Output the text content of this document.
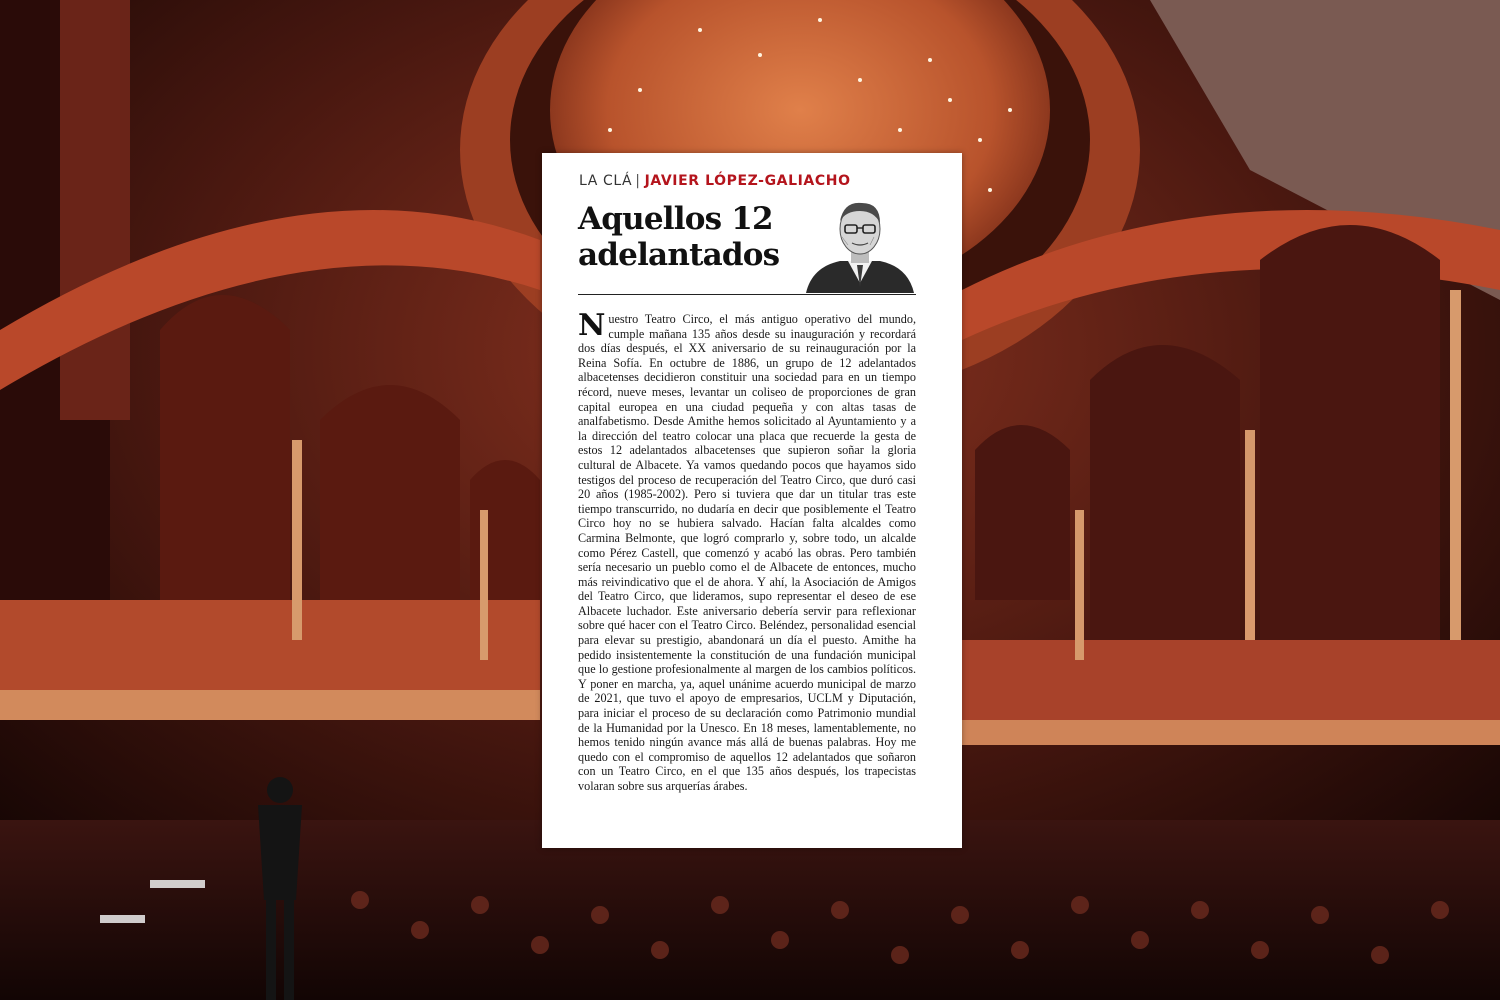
LA CLÁ | JAVIER LÓPEZ-GALIACHO
Aquellos 12 adelantados

Nuestro Teatro Circo, el más antiguo operativo del mundo, cumple mañana 135 años desde su inauguración y recordará dos días después, el XX aniversario de su reinauguración por la Reina Sofía. En octubre de 1886, un grupo de 12 adelantados albacetenses decidieron constituir una sociedad para en un tiempo récord, nueve meses, levantar un coliseo de proporciones de gran capital europea en una ciudad pequeña y con altas tasas de analfabetismo. Desde Amithe hemos solicitado al Ayuntamiento y a la dirección del teatro colocar una placa que recuerde la gesta de estos 12 adelantados albacetenses que supieron soñar la gloria cultural de Albacete. Ya vamos quedando pocos que hayamos sido testigos del proceso de recuperación del Teatro Circo, que duró casi 20 años (1985-2002). Pero si tuviera que dar un titular tras este tiempo transcurrido, no dudaría en decir que posiblemente el Teatro Circo hoy no se hubiera salvado. Hacían falta alcaldes como Carmina Belmonte, que logró comprarlo y, sobre todo, un alcalde como Pérez Castell, que comenzó y acabó las obras. Pero también sería necesario un pueblo como el de Albacete de entonces, mucho más reivindicativo que el de ahora. Y ahí, la Asociación de Amigos del Teatro Circo, que lideramos, supo representar el deseo de ese Albacete luchador. Este aniversario debería servir para reflexionar sobre qué hacer con el Teatro Circo. Beléndez, personalidad esencial para elevar su prestigio, abandonará un día el puesto. Amithe ha pedido insistentemente la constitución de una fundación municipal que lo gestione profesionalmente al margen de los cambios políticos. Y poner en marcha, ya, aquel unánime acuerdo municipal de marzo de 2021, que tuvo el apoyo de empresarios, UCLM y Diputación, para iniciar el proceso de su declaración como Patrimonio mundial de la Humanidad por la Unesco. En 18 meses, lamentablemente, no hemos tenido ningún avance más allá de buenas palabras. Hoy me quedo con el compromiso de aquellos 12 adelantados que soñaron con un Teatro Circo, en el que 135 años después, los trapecistas volaran sobre sus arquerías árabes.
